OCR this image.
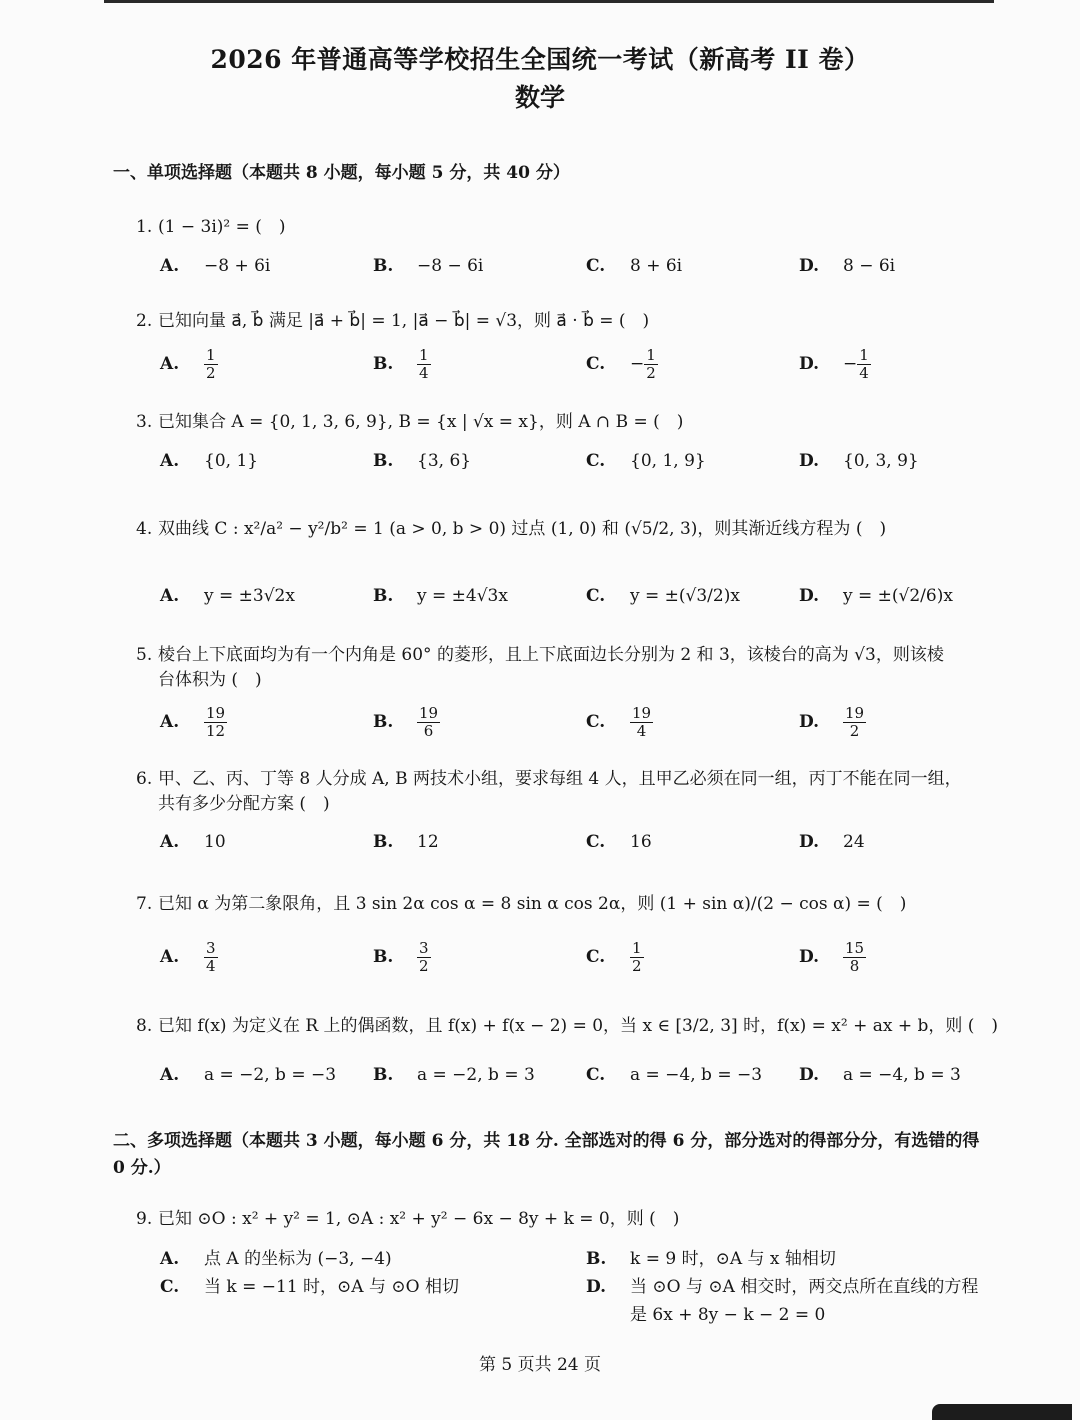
2026 年普通高等学校招生全国统一考试（新高考 II 卷）
数学
一、单项选择题（本题共 8 小题，每小题 5 分，共 40 分）
1. (1 − 3i)² = (　)
A.	−8 + 6i	B.	−8 − 6i	C.	8 + 6i	D.	8 − 6i
2. 已知向量 a⃗, b⃗ 满足 |a⃗ + b⃗| = 1, |a⃗ − b⃗| = √3，则 a⃗ · b⃗ = (　)
A.	$\frac{1}{2}$	B.	$\frac{1}{4}$	C.	− $\frac{1}{2}$	D.	− $\frac{1}{4}$
3. 已知集合 A = {0, 1, 3, 6, 9}, B = {x | √x = x}，则 A ∩ B = (　)
A.	{0, 1}	B.	{3, 6}	C.	{0, 1, 9}	D.	{0, 3, 9}
4. 双曲线 C : x²/a² − y²/b² = 1 (a > 0, b > 0) 过点 (1, 0) 和 (√5/2, 3)，则其渐近线方程为 (　)
A.	y = ±3√2x	B.	y = ±4√3x	C.	y = ±(√3/2)x	D.	y = ±(√2/6)x
5. 棱台上下底面均为有一个内角是 60° 的菱形，且上下底面边长分别为 2 和 3，该棱台的高为 √3，则该棱
台体积为 (　)
A.	$\frac{19}{12}$	B.	$\frac{19}{6}$	C.	$\frac{19}{4}$	D.	$\frac{19}{2}$
6. 甲、乙、丙、丁等 8 人分成 A, B 两技术小组，要求每组 4 人，且甲乙必须在同一组，丙丁不能在同一组，
共有多少分配方案 (　)
A.	10	B.	12	C.	16	D.	24
7. 已知 α 为第二象限角，且 3 sin 2α cos α = 8 sin α cos 2α，则 (1 + sin α)/(2 − cos α) = (　)
A.	$\frac{3}{4}$	B.	$\frac{3}{2}$	C.	$\frac{1}{2}$	D.	$\frac{15}{8}$
8. 已知 f(x) 为定义在 R 上的偶函数，且 f(x) + f(x − 2) = 0，当 x ∈ [3/2, 3] 时，f(x) = x² + ax + b，则 (　)
A.	a = −2, b = −3 B.	a = −2, b = 3	C.	a = −4, b = −3 D.	a = −4, b = 3
二、多项选择题（本题共 3 小题，每小题 6 分，共 18 分. 全部选对的得 6 分，部分选对的得部分分，有选错的得 0 分.）
9. 已知 ⊙O : x² + y² = 1, ⊙A : x² + y² − 6x − 8y + k = 0，则 (　)
A. 点 A 的坐标为 (−3, −4)	B. k = 9 时，⊙A 与 x 轴相切
C. 当 k = −11 时，⊙A 与 ⊙O 相切	D. 当 ⊙O 与 ⊙A 相交时，两交点所在直线的方程
是 6x + 8y − k − 2 = 0
第 5 页共 24 页
